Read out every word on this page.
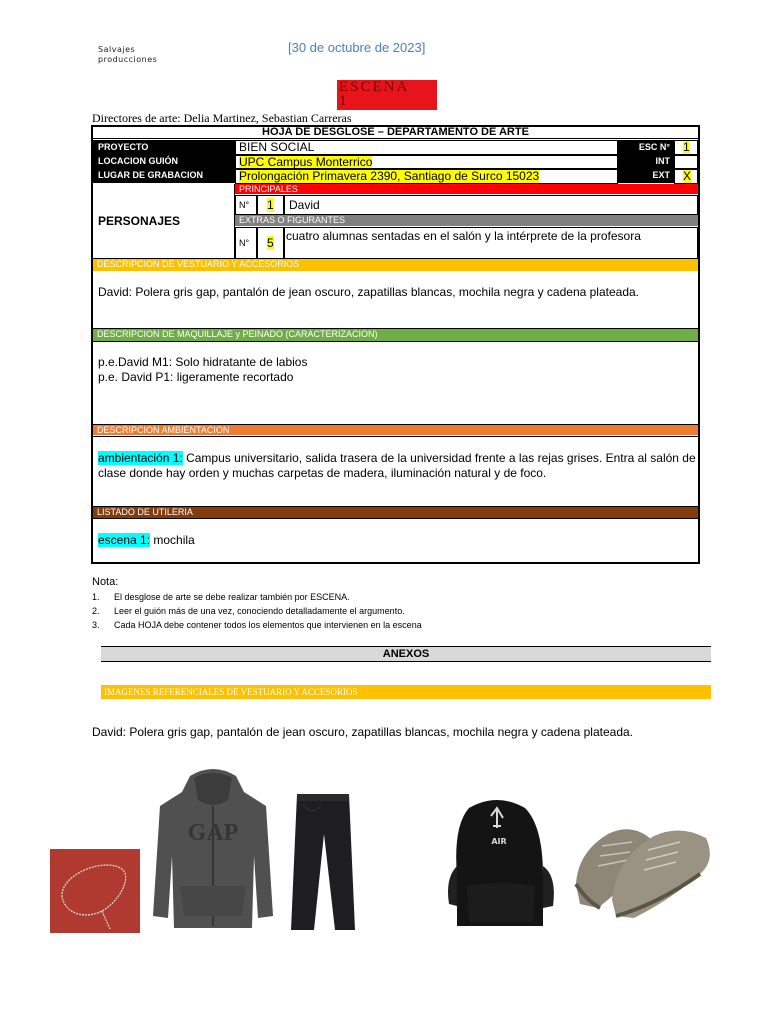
Salvajes
producciones
[30 de octubre de 2023]
ESCENA
1
Directores de arte: Delia Martinez, Sebastian Carreras
HOJA DE DESGLOSE – DEPARTAMENTO DE ARTE
PROYECTO	BIEN SOCIAL	ESC N°	1
LOCACION GUIÓN	UPC Campus Monterrico	INT
LUGAR DE GRABACION	Prolongación Primavera 2390, Santiago de Surco 15023	EXT	X
PERSONAJES
PRINCIPALES
N°	1	David
EXTRAS O FIGURANTES
N°	5	cuatro alumnas sentadas en el salón y la intérprete de la profesora
DESCRIPCION DE VESTUARIO Y ACCESORIOS
David: Polera gris gap, pantalón de jean oscuro, zapatillas blancas, mochila negra y cadena plateada.
DESCRIPCION DE MAQUILLAJE y PEINADO (CARACTERIZACION)
p.e.David M1: Solo hidratante de labios
p.e. David P1: ligeramente recortado
DESCRIPCION AMBIENTACION
ambientación 1: Campus universitario, salida trasera de la universidad frente a las rejas grises. Entra al salón de clase donde hay orden y muchas carpetas de madera, iluminación natural y de foco.
LISTADO DE UTILERIA
escena 1: mochila
Nota:
1. El desglose de arte se debe realizar también por ESCENA.
2. Leer el guión más de una vez, conociendo detalladamente el argumento.
3. Cada HOJA debe contener todos los elementos que intervienen en la escena
ANEXOS
IMAGENES REFERENCIALES DE VESTUARIO Y ACCESORIOS
David: Polera gris gap, pantalón de jean oscuro, zapatillas blancas, mochila negra y cadena plateada.
GAP	AIR
